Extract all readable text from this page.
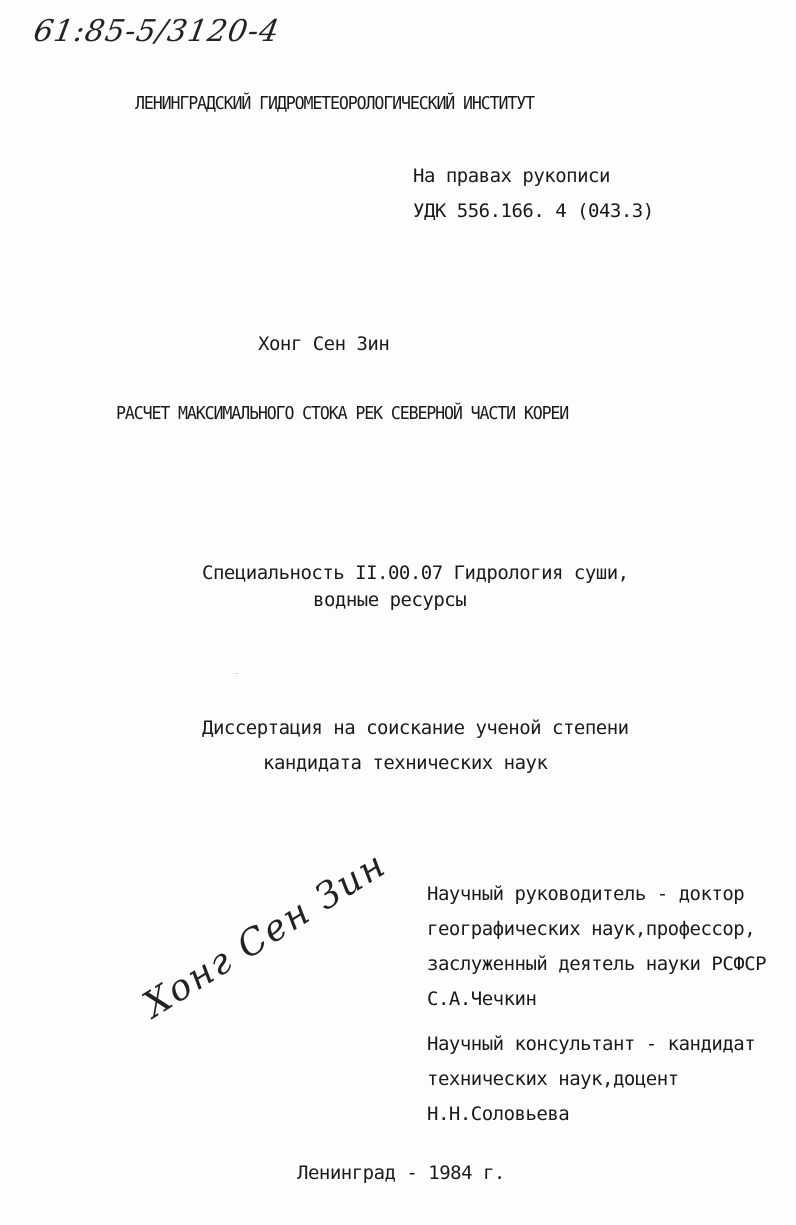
61:85-5/3120-4
ЛЕНИНГРАДСКИЙ ГИДРОМЕТЕОРОЛОГИЧЕСКИЙ ИНСТИТУТ
На правах рукописи
УДК 556.166. 4 (043.3)
Хонг Сен Зин
РАСЧЕТ МАКСИМАЛЬНОГО СТОКА РЕК СЕВЕРНОЙ ЧАСТИ КОРЕИ
Специальность II.00.07 Гидрология суши,
водные ресурсы
Диссертация на соискание ученой степени
кандидата технических наук
Хонг Сен Зин Научный руководитель - доктор
географических наук,профессор,
заслуженный деятель науки РСФСР
С.А.Чечкин
Научный консультант - кандидат
технических наук,доцент
Н.Н.Соловьева
Ленинград - 1984 г.
